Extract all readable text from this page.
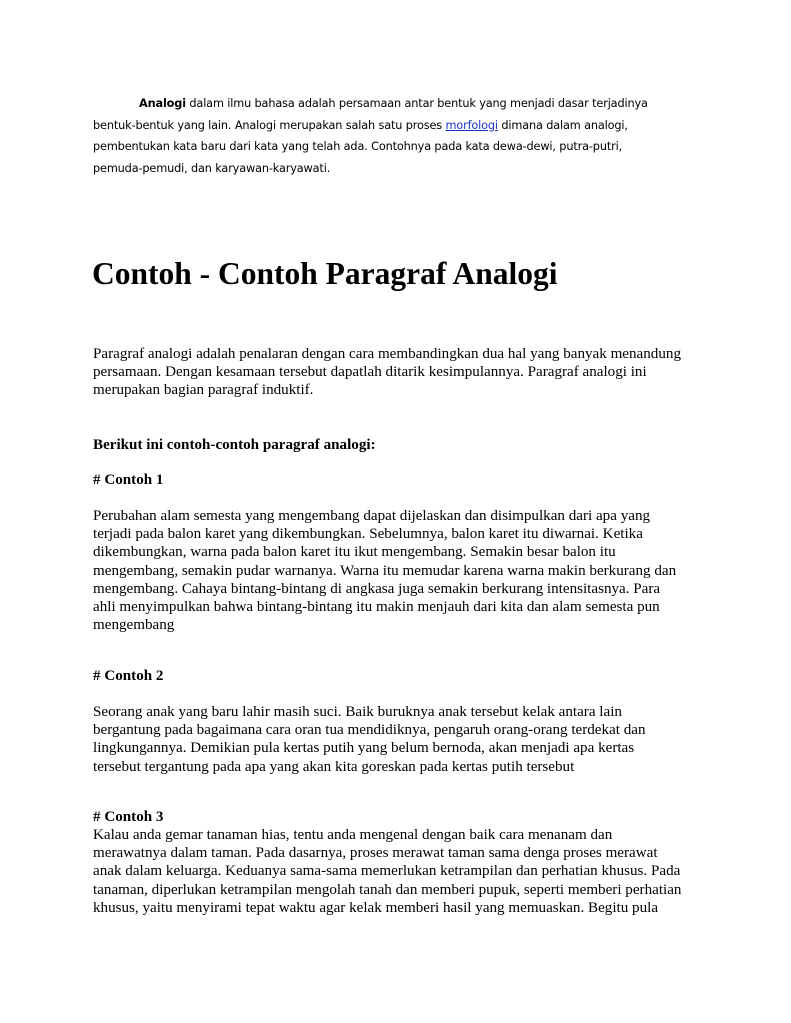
Analogi dalam ilmu bahasa adalah persamaan antar bentuk yang menjadi dasar terjadinya
bentuk-bentuk yang lain. Analogi merupakan salah satu proses morfologi dimana dalam analogi,
pembentukan kata baru dari kata yang telah ada. Contohnya pada kata dewa-dewi, putra-putri,
pemuda-pemudi, dan karyawan-karyawati.
Contoh - Contoh Paragraf Analogi
Paragraf analogi adalah penalaran dengan cara membandingkan dua hal yang banyak menandung
persamaan. Dengan kesamaan tersebut dapatlah ditarik kesimpulannya. Paragraf analogi ini
merupakan bagian paragraf induktif.
Berikut ini contoh-contoh paragraf analogi:
# Contoh 1
Perubahan alam semesta yang mengembang dapat dijelaskan dan disimpulkan dari apa yang
terjadi pada balon karet yang dikembungkan. Sebelumnya, balon karet itu diwarnai. Ketika
dikembungkan, warna pada balon karet itu ikut mengembang. Semakin besar balon itu
mengembang, semakin pudar warnanya. Warna itu memudar karena warna makin berkurang dan
mengembang. Cahaya bintang-bintang di angkasa juga semakin berkurang intensitasnya. Para
ahli menyimpulkan bahwa bintang-bintang itu makin menjauh dari kita dan alam semesta pun
mengembang
# Contoh 2
Seorang anak yang baru lahir masih suci. Baik buruknya anak tersebut kelak antara lain
bergantung pada bagaimana cara oran tua mendidiknya, pengaruh orang-orang terdekat dan
lingkungannya. Demikian pula kertas putih yang belum bernoda, akan menjadi apa kertas
tersebut tergantung pada apa yang akan kita goreskan pada kertas putih tersebut
# Contoh 3
Kalau anda gemar tanaman hias, tentu anda mengenal dengan baik cara menanam dan
merawatnya dalam taman. Pada dasarnya, proses merawat taman sama denga proses merawat
anak dalam keluarga. Keduanya sama-sama memerlukan ketrampilan dan perhatian khusus. Pada
tanaman, diperlukan ketrampilan mengolah tanah dan memberi pupuk, seperti memberi perhatian
khusus, yaitu menyirami tepat waktu agar kelak memberi hasil yang memuaskan. Begitu pula
